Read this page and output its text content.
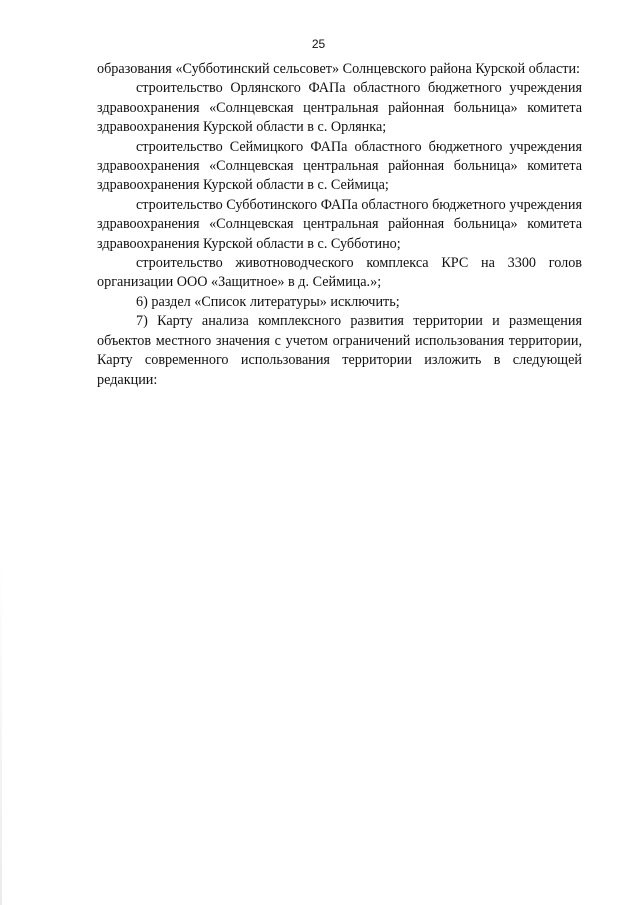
25

образования «Субботинский сельсовет» Солнцевского района Курской области:

строительство Орлянского ФАПа областного бюджетного учреждения здравоохранения «Солнцевская центральная районная больница» комитета здравоохранения Курской области в с. Орлянка;

строительство Сеймицкого ФАПа областного бюджетного учреждения здравоохранения «Солнцевская центральная районная больница» комитета здравоохранения Курской области в с. Сеймица;

строительство Субботинского ФАПа областного бюджетного учреждения здравоохранения «Солнцевская центральная районная больница» комитета здравоохранения Курской области в с. Субботино;

строительство животноводческого комплекса КРС на 3300 голов организации ООО «Защитное» в д. Сеймица.»;

6) раздел «Список литературы» исключить;

7) Карту анализа комплексного развития территории и размещения объектов местного значения с учетом ограничений использования территории, Карту современного использования территории изложить в следующей редакции:
